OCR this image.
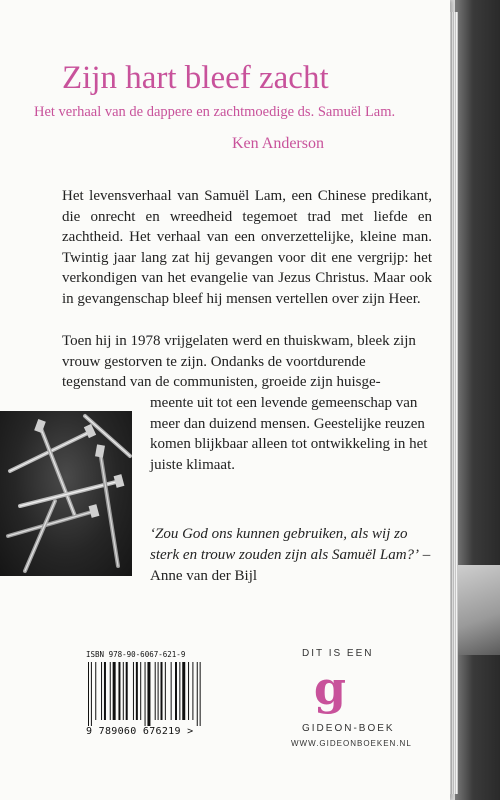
Zijn hart bleef zacht
Het verhaal van de dappere en zachtmoedige ds. Samuël Lam.
Ken Anderson
Het levensverhaal van Samuël Lam, een Chinese predikant, die onrecht en wreedheid tegemoet trad met liefde en zachtheid. Het verhaal van een onverzettelijke, kleine man. Twintig jaar lang zat hij gevangen voor dit ene vergrijp: het verkondigen van het evangelie van Jezus Christus. Maar ook in gevangenschap bleef hij mensen vertellen over zijn Heer.
Toen hij in 1978 vrijgelaten werd en thuiskwam, bleek zijn vrouw gestorven te zijn. Ondanks de voortdurende tegenstand van de communisten, groeide zijn huisge-
meente uit tot een levende gemeenschap van meer dan duizend mensen. Geestelijke reuzen komen blijkbaar alleen tot ontwikkeling in het juiste klimaat.
‘Zou God ons kunnen gebruiken, als wij zo sterk en trouw zouden zijn als Samuël Lam?’ – Anne van der Bijl
ISBN 978-90-6067-621-9
9 789060 676219 >
DIT IS EEN
g
GIDEON-BOEK
WWW.GIDEONBOEKEN.NL
